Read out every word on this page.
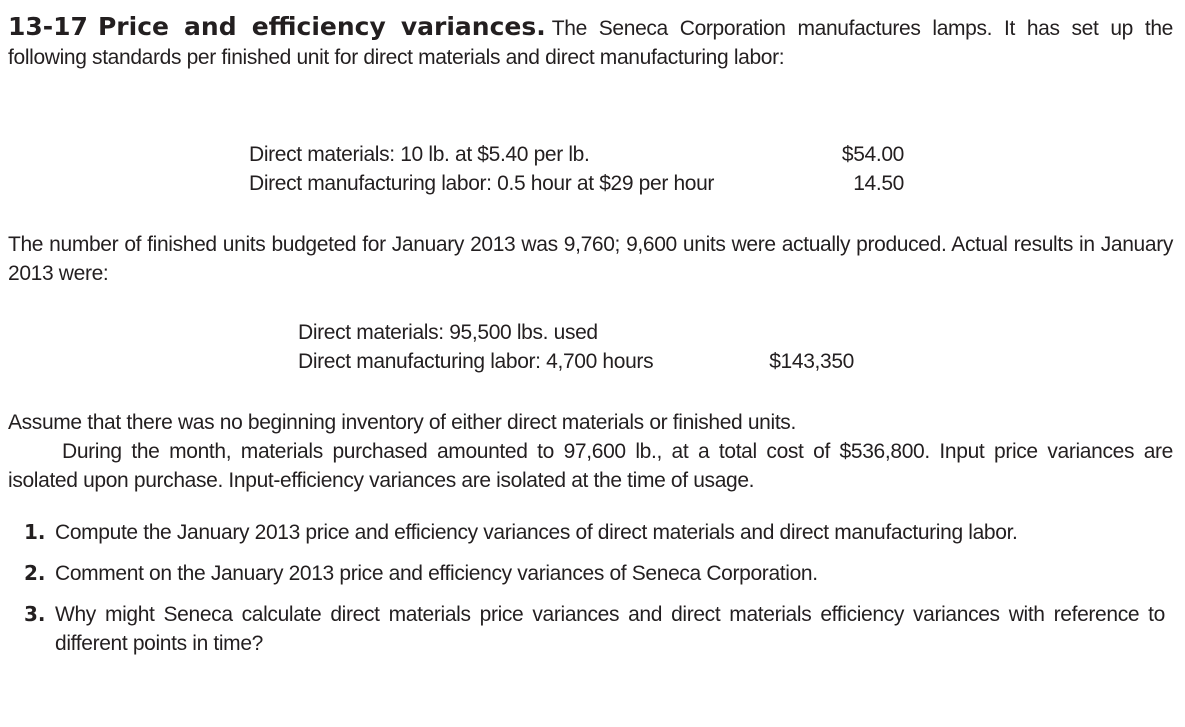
13-17 Price and efficiency variances. The Seneca Corporation manufactures lamps. It has set up the following standards per finished unit for direct materials and direct manufacturing labor:

Direct materials: 10 lb. at $5.40 per lb.	$54.00
Direct manufacturing labor: 0.5 hour at $29 per hour	14.50

The number of finished units budgeted for January 2013 was 9,760; 9,600 units were actually produced. Actual results in January 2013 were:

Direct materials: 95,500 lbs. used
Direct manufacturing labor: 4,700 hours	$143,350

Assume that there was no beginning inventory of either direct materials or finished units.

During the month, materials purchased amounted to 97,600 lb., at a total cost of $536,800. Input price variances are isolated upon purchase. Input-efficiency variances are isolated at the time of usage.

1. Compute the January 2013 price and efficiency variances of direct materials and direct manufacturing labor.
2. Comment on the January 2013 price and efficiency variances of Seneca Corporation.
3. Why might Seneca calculate direct materials price variances and direct materials efficiency variances with reference to different points in time?
